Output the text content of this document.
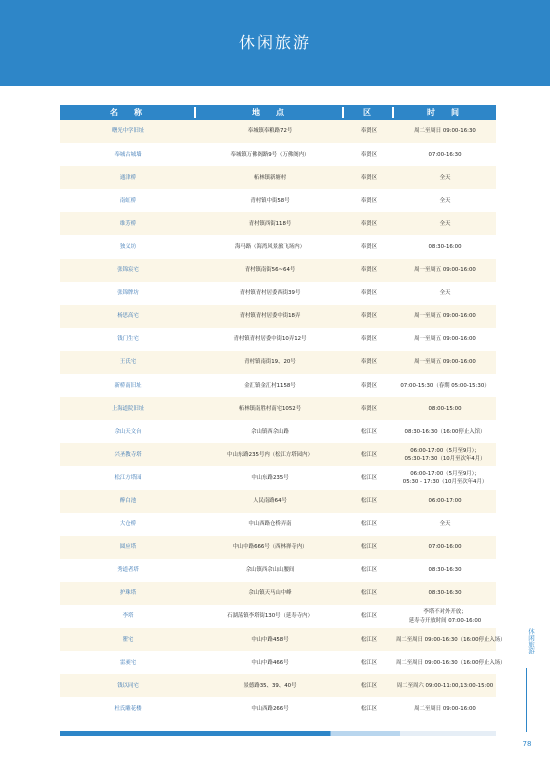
休闲旅游
名　称	地　点	区	时　间
曙光中学旧址	奉城镇奉粮路72号	奉贤区	周二至周日 09:00-16:30
奉城古城墙	奉城镇万佛阁路9号（万佛阁内）	奉贤区	07:00-16:30
通津桥	柘林镇新塘村	奉贤区	全天
南虹桥	青村镇中街58号	奉贤区	全天
维芳桥	青村镇西街118号	奉贤区	全天
独义坊	海马路（海湾风景旅飞场内）	奉贤区	08:30-16:00
张锦宸宅	青村镇南街56~64号	奉贤区	周一至周五 09:00-16:00
张锦牌坊	青村镇青村居委西街39号	奉贤区	全天
杨思高宅	青村镇青村居委中街18弄	奉贤区	周一至周五 09:00-16:00
钱门生宅	青村镇青村居委中街10弄12号	奉贤区	周一至周五 09:00-16:00
王氏宅	青村镇南街19、20号	奉贤区	周一至周五 09:00-16:00
新桥南旧址	金汇镇金汇村1158号	奉贤区	07:00-15:30（春期 05:00-15:30）
上海道院旧址	柘林镇南胜村南宅1052号	奉贤区	08:00-15:00
佘山天文台	佘山镇西佘山路	松江区	08:30-16:30（16:00停止入馆）
兴圣教寺塔	中山东路235号内（松江方塔园内）	松江区	06:00-17:00（5月至9月）；
05:30-17:30（10月至次年4月）

松江方塔园	中山东路235号	松江区	06:00-17:00（5月至9月）；
05:30 - 17:30（10月至次年4月）

醉白池	人民南路64号	松江区	06:00-17:00
大仓桥	中山西路仓桥弄南	松江区	全天
圆应塔	中山中路666号（西林禅寺内）	松江区	07:00-16:00
秀道者塔	佘山镇西佘山山腰间	松江区	08:30-16:30
护珠塔	佘山镇天马山中峰	松江区	08:30-16:30
李塔	石湖荡镇李塔街130号（延寿寺内）	松江区	李塔不对外开放；
延寿寺开放时间 07:00-16:00

瞿宅	中山中路458号	松江区	周二至周日 09:00-16:30（16:00停止入场）
雷昶宅	中山中路466号	松江区	周二至周日 09:00-16:30（16:00停止入场）
钱以同宅	景德路35、39、40号	松江区	周二至周六 09:00-11:00,13:00-15:00
杜氏雕花楼	中山西路266号	松江区	周二至周日 09:00-16:00
休闲旅游
78
